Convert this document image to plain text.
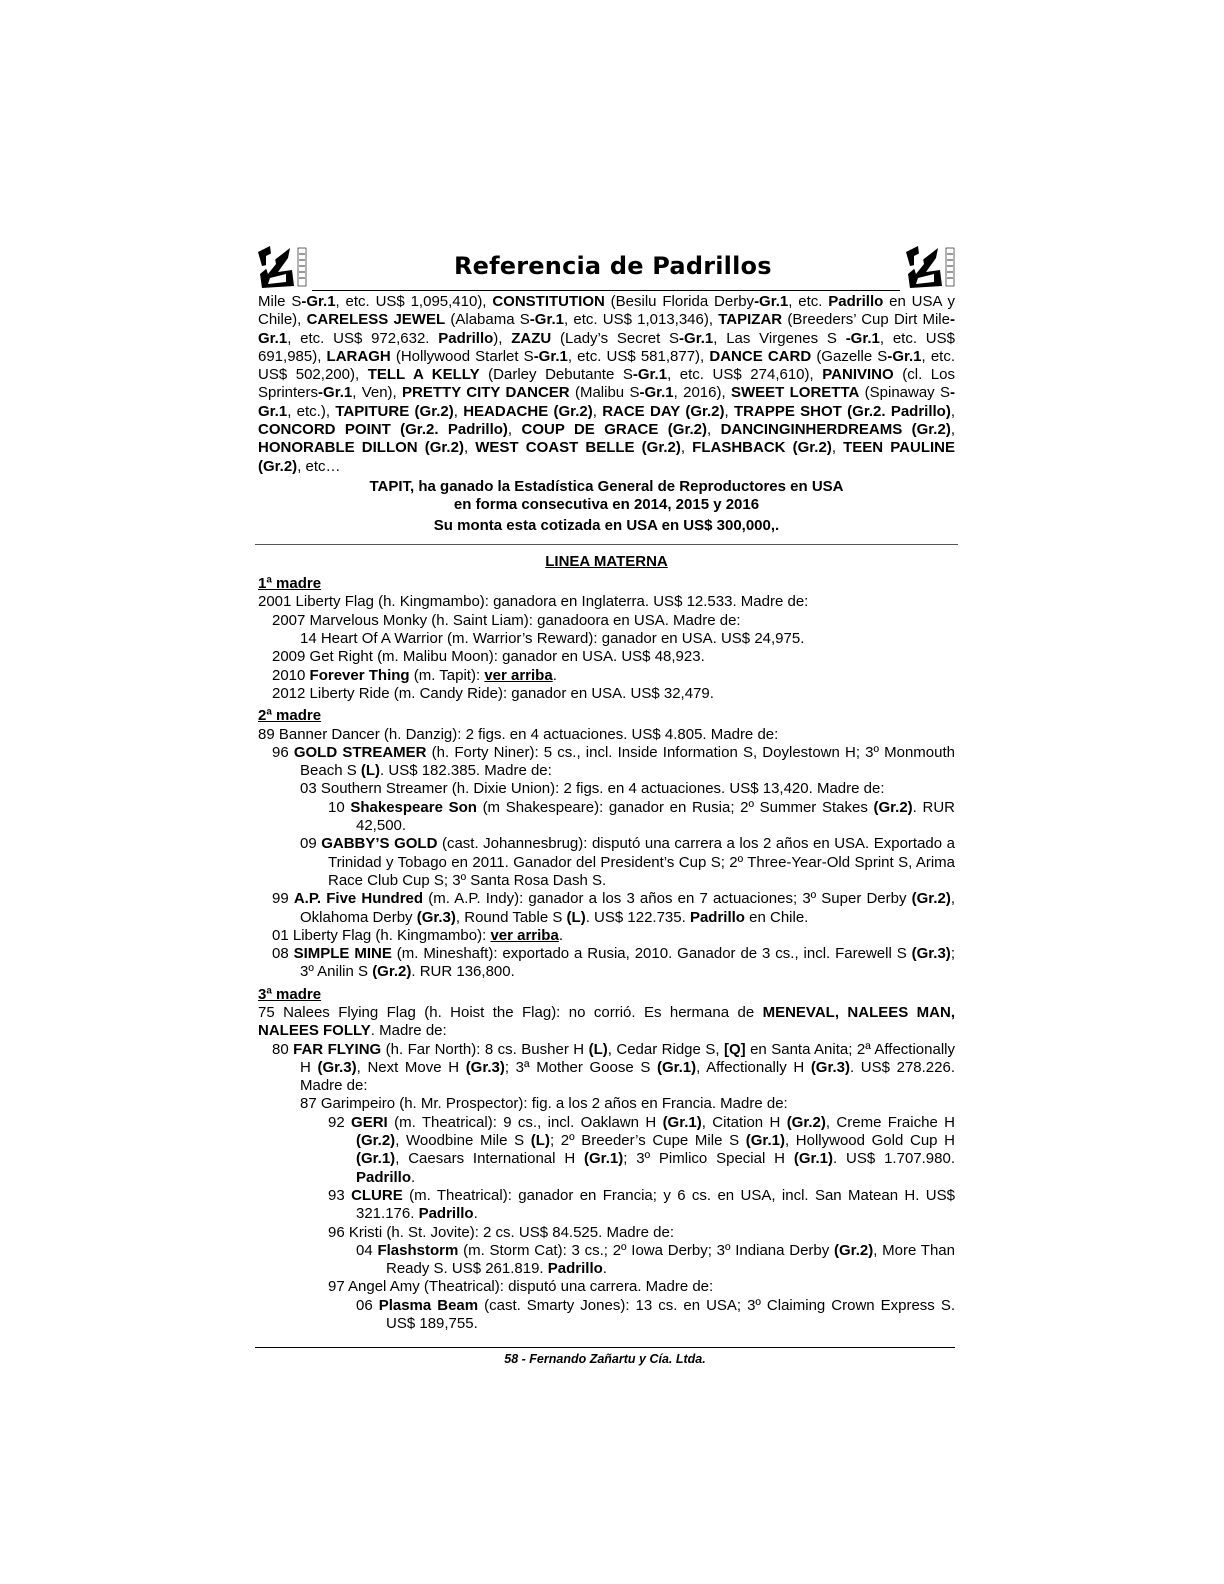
Referencia de Padrillos

Mile S-Gr.1, etc. US$ 1,095,410), CONSTITUTION (Besilu Florida Derby-Gr.1, etc. Padrillo en USA y Chile), CARELESS JEWEL (Alabama S-Gr.1, etc. US$ 1,013,346), TAPIZAR (Breeders’ Cup Dirt Mile-Gr.1, etc. US$ 972,632. Padrillo), ZAZU (Lady’s Secret S-Gr.1, Las Virgenes S -Gr.1, etc. US$ 691,985), LARAGH (Hollywood Starlet S-Gr.1, etc. US$ 581,877), DANCE CARD (Gazelle S-Gr.1, etc. US$ 502,200), TELL A KELLY (Darley Debutante S-Gr.1, etc. US$ 274,610), PANIVINO (cl. Los Sprinters-Gr.1, Ven), PRETTY CITY DANCER (Malibu S-Gr.1, 2016), SWEET LORETTA (Spinaway S-Gr.1, etc.), TAPITURE (Gr.2), HEADACHE (Gr.2), RACE DAY (Gr.2), TRAPPE SHOT (Gr.2. Padrillo), CONCORD POINT (Gr.2. Padrillo), COUP DE GRACE (Gr.2), DANCINGINHERDREAMS (Gr.2), HONORABLE DILLON (Gr.2), WEST COAST BELLE (Gr.2), FLASHBACK (Gr.2), TEEN PAULINE (Gr.2), etc…

TAPIT, ha ganado la Estadística General de Reproductores en USA

en forma consecutiva en 2014, 2015 y 2016

Su monta esta cotizada en USA en US$ 300,000,.

LINEA MATERNA

1ª madre

2001 Liberty Flag (h. Kingmambo): ganadora en Inglaterra. US$ 12.533. Madre de:

2007 Marvelous Monky (h. Saint Liam): ganadoora en USA. Madre de:

14 Heart Of A Warrior (m. Warrior’s Reward): ganador en USA. US$ 24,975.

2009 Get Right (m. Malibu Moon): ganador en USA. US$ 48,923.

2010 Forever Thing (m. Tapit): ver arriba.

2012 Liberty Ride (m. Candy Ride): ganador en USA. US$ 32,479.

2ª madre

89 Banner Dancer (h. Danzig): 2 figs. en 4 actuaciones. US$ 4.805. Madre de:

96 GOLD STREAMER (h. Forty Niner): 5 cs., incl. Inside Information S, Doylestown H; 3º Monmouth Beach S (L). US$ 182.385. Madre de:

03 Southern Streamer (h. Dixie Union): 2 figs. en 4 actuaciones. US$ 13,420. Madre de:

10 Shakespeare Son (m Shakespeare): ganador en Rusia; 2º Summer Stakes (Gr.2). RUR 42,500.

09 GABBY’S GOLD (cast. Johannesbrug): disputó una carrera a los 2 años en USA. Exportado a Trinidad y Tobago en 2011. Ganador del President’s Cup S; 2º Three-Year-Old Sprint S, Arima Race Club Cup S; 3º Santa Rosa Dash S.

99 A.P. Five Hundred (m. A.P. Indy): ganador a los 3 años en 7 actuaciones; 3º Super Derby (Gr.2), Oklahoma Derby (Gr.3), Round Table S (L). US$ 122.735. Padrillo en Chile.

01 Liberty Flag (h. Kingmambo): ver arriba.

08 SIMPLE MINE (m. Mineshaft): exportado a Rusia, 2010. Ganador de 3 cs., incl. Farewell S (Gr.3); 3º Anilin S (Gr.2). RUR 136,800.

3ª madre

75 Nalees Flying Flag (h. Hoist the Flag): no corrió. Es hermana de MENEVAL, NALEES MAN, NALEES FOLLY. Madre de:

80 FAR FLYING (h. Far North): 8 cs. Busher H (L), Cedar Ridge S, [Q] en Santa Anita; 2ª Affectionally H (Gr.3), Next Move H (Gr.3); 3ª Mother Goose S (Gr.1), Affectionally H (Gr.3). US$ 278.226. Madre de:

87 Garimpeiro (h. Mr. Prospector): fig. a los 2 años en Francia. Madre de:

92 GERI (m. Theatrical): 9 cs., incl. Oaklawn H (Gr.1), Citation H (Gr.2), Creme Fraiche H (Gr.2), Woodbine Mile S (L); 2º Breeder’s Cupe Mile S (Gr.1), Hollywood Gold Cup H (Gr.1), Caesars International H (Gr.1); 3º Pimlico Special H (Gr.1). US$ 1.707.980. Padrillo.

93 CLURE (m. Theatrical): ganador en Francia; y 6 cs. en USA, incl. San Matean H. US$ 321.176. Padrillo.

96 Kristi (h. St. Jovite): 2 cs. US$ 84.525. Madre de:

04 Flashstorm (m. Storm Cat): 3 cs.; 2º Iowa Derby; 3º Indiana Derby (Gr.2), More Than Ready S. US$ 261.819. Padrillo.

97 Angel Amy (Theatrical): disputó una carrera. Madre de:

06 Plasma Beam (cast. Smarty Jones): 13 cs. en USA; 3º Claiming Crown Express S. US$ 189,755.

58 - Fernando Zañartu y Cía. Ltda.
